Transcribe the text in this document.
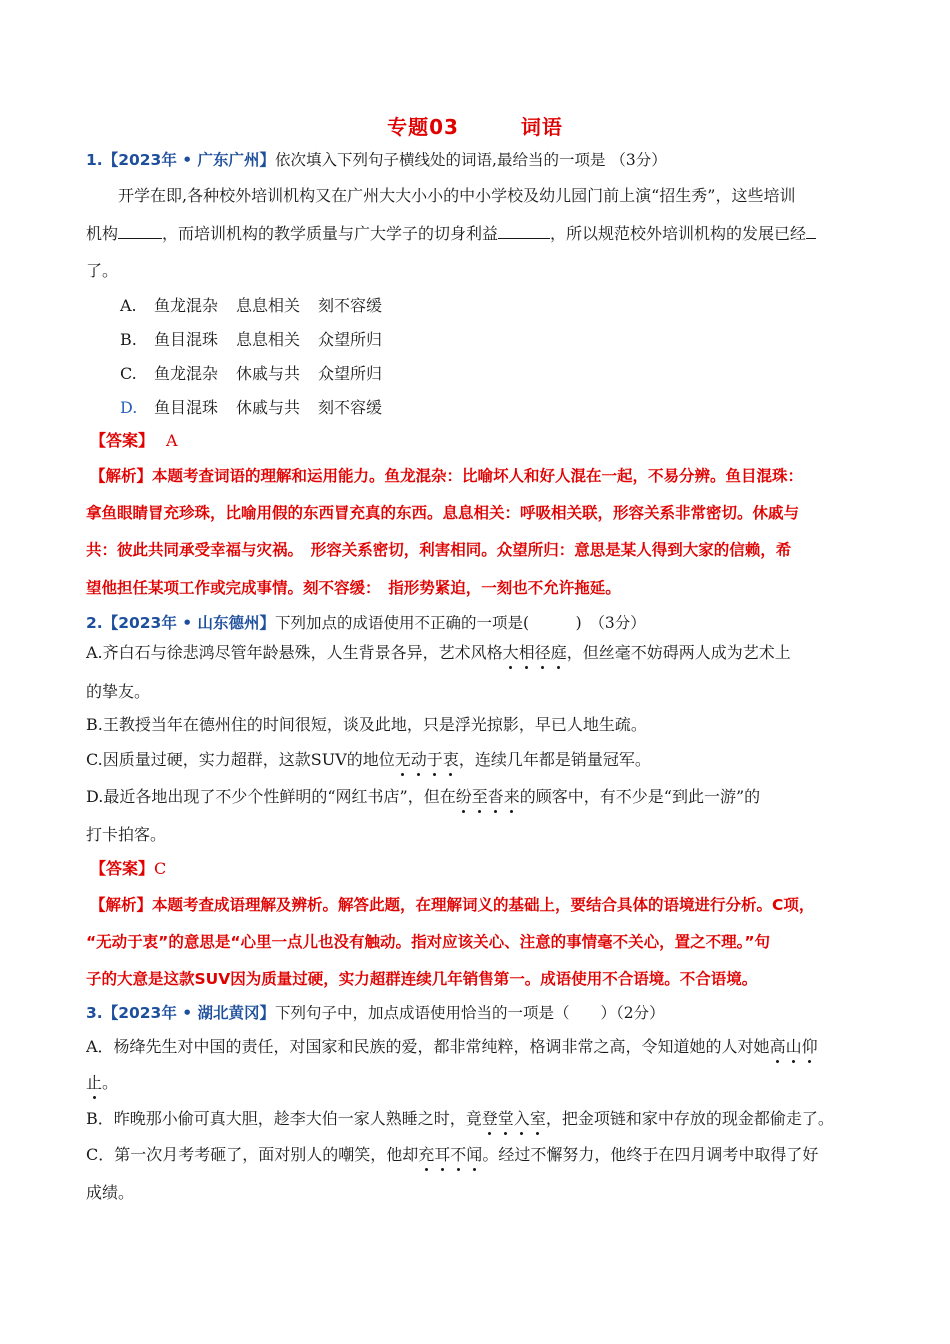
专题03	词语
1.【2023年 • 广东广州】依次填入下列句子横线处的词语,最给当的一项是 （3分）
开学在即,各种校外培训机构又在广州大大小小的中小学校及幼儿园门前上演“招生秀”，这些培训
机构	，而培训机构的教学质量与广大学子的切身利益	，所以规范校外培训机构的发展已经
了。
A. 鱼龙混杂 息息相关 刻不容缓
B. 鱼目混珠 息息相关 众望所归
C. 鱼龙混杂 休戚与共 众望所归
D. 鱼目混珠 休戚与共 刻不容缓
【答案】 A
【解析】本题考查词语的理解和运用能力。鱼龙混杂：比喻坏人和好人混在一起，不易分辨。鱼目混珠：
拿鱼眼睛冒充珍珠，比喻用假的东西冒充真的东西。息息相关：呼吸相关联，形容关系非常密切。休戚与
共：彼此共同承受幸福与灾祸。　形容关系密切，利害相同。众望所归：意思是某人得到大家的信赖，希
望他担任某项工作或完成事情。刻不容缓：　指形势紧迫，一刻也不允许拖延。
2.【2023年 • 山东德州】下列加点的成语使用不正确的一项是(　　　)　（3分）
A.齐白石与徐悲鸿尽管年龄悬殊，人生背景各异，艺术风格大相径庭，但丝毫不妨碍两人成为艺术上
的挚友。
B.王教授当年在德州住的时间很短，谈及此地，只是浮光掠影，早已人地生疏。
C.因质量过硬，实力超群，这款SUV的地位无动于衷，连续几年都是销量冠军。
D.最近各地出现了不少个性鲜明的“网红书店”，但在纷至沓来的顾客中，有不少是“到此一游”的
打卡拍客。
【答案】C
【解析】本题考查成语理解及辨析。解答此题，在理解词义的基础上，要结合具体的语境进行分析。C项，
“无动于衷”的意思是“心里一点儿也没有触动。指对应该关心、注意的事情毫不关心，置之不理。”句
子的大意是这款SUV因为质量过硬，实力超群连续几年销售第一。成语使用不合语境。不合语境。
3.【2023年 • 湖北黄冈】下列句子中，加点成语使用恰当的一项是（　　）（2分）
A．杨绛先生对中国的责任，对国家和民族的爱，都非常纯粹，格调非常之高，令知道她的人对她高山仰
止。
B．昨晚那小偷可真大胆，趁李大伯一家人熟睡之时，竟登堂入室，把金项链和家中存放的现金都偷走了。
C．第一次月考考砸了，面对别人的嘲笑，他却充耳不闻。经过不懈努力，他终于在四月调考中取得了好
成绩。
